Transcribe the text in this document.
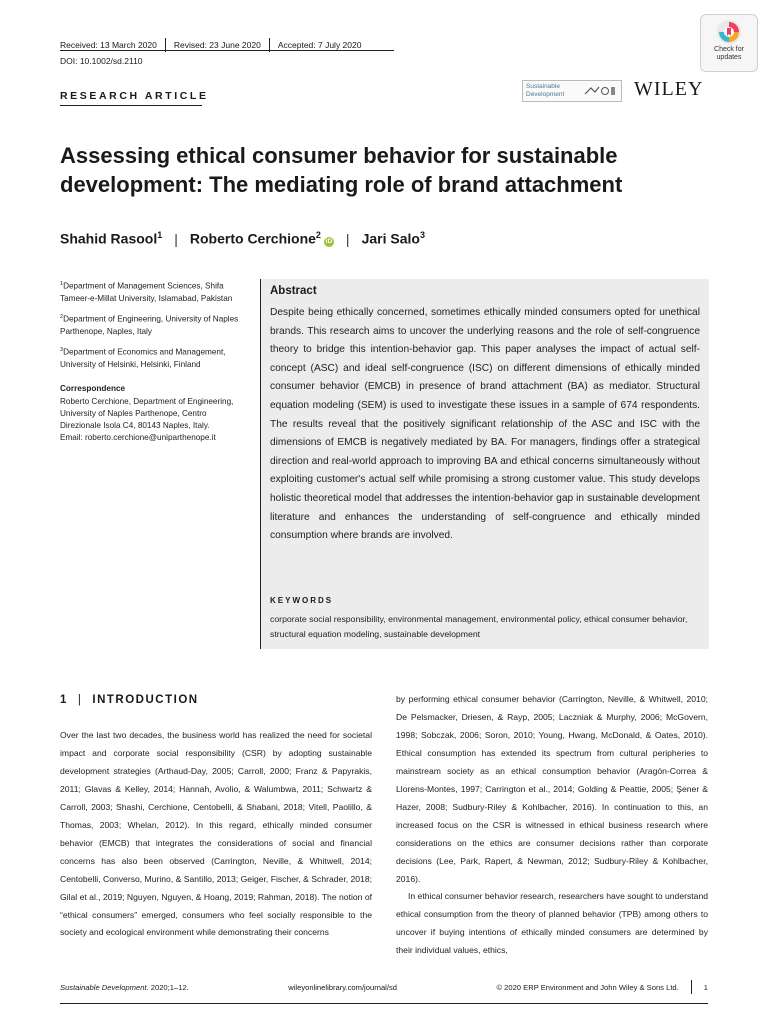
Received: 13 March 2020 Revised: 23 June 2020 Accepted: 7 July 2020
DOI: 10.1002/sd.2110
Check for updates
RESEARCH ARTICLE
Sustainable Development	WILEY
Assessing ethical consumer behavior for sustainable development: The mediating role of brand attachment
Shahid Rasool$^1$ | Roberto Cerchione$^2$iD | Jari Salo$^3$

$^1$Department of Management Sciences, Shifa Tameer-e-Millat University, Islamabad, Pakistan

$^2$Department of Engineering, University of Naples Parthenope, Naples, Italy

$^3$Department of Economics and Management, University of Helsinki, Helsinki, Finland

Correspondence

Roberto Cerchione, Department of Engineering, University of Naples Parthenope, Centro Direzionale Isola C4, 80143 Naples, Italy.

Email: roberto.cerchione@uniparthenope.it

Abstract
Despite being ethically concerned, sometimes ethically minded consumers opted for unethical brands. This research aims to uncover the underlying reasons and the role of self-congruence theory to bridge this intention-behavior gap. This paper analyses the impact of actual self-concept (ASC) and ideal self-congruence (ISC) on different dimensions of ethically minded consumer behavior (EMCB) in presence of brand attachment (BA) as mediator. Structural equation modeling (SEM) is used to investigate these issues in a sample of 674 respondents. The results reveal that the positively significant relationship of the ASC and ISC with the dimensions of EMCB is negatively mediated by BA. For managers, findings offer a strategical direction and real-world approach to improving BA and ethical concerns simultaneously without exploiting customer's actual self while promising a strong customer value. This study develops holistic theoretical model that addresses the intention-behavior gap in sustainable development literature and enhances the understanding of self-congruence and ethically minded consumption where brands are involved.
KEYWORDS
corporate social responsibility, environmental management, environmental policy, ethical consumer behavior, structural equation modeling, sustainable development
1 | INTRODUCTION

Over the last two decades, the business world has realized the need for societal impact and corporate social responsibility (CSR) by adopting sustainable development strategies (Arthaud-Day, 2005; Carroll, 2000; Franz & Papyrakis, 2011; Glavas & Kelley, 2014; Hannah, Avolio, & Walumbwa, 2011; Schwartz & Carroll, 2003; Shashi, Cerchione, Centobelli, & Shabani, 2018; Vitell, Paolillo, & Thomas, 2003; Whelan, 2012). In this regard, ethically minded consumer behavior (EMCB) that integrates the considerations of social and financial concerns has also been observed (Carrington, Neville, & Whitwell, 2014; Centobelli, Converso, Murino, & Santillo, 2013; Geiger, Fischer, & Schrader, 2018; Gilal et al., 2019; Nguyen, Nguyen, & Hoang, 2019; Rahman, 2018). The notion of “ethical consumers” emerged, consumers who feel socially responsible to the society and ecological environment while demonstrating their concerns

by performing ethical consumer behavior (Carrington, Neville, & Whitwell, 2010; De Pelsmacker, Driesen, & Rayp, 2005; Laczniak & Murphy, 2006; McGovern, 1998; Sobczak, 2006; Soron, 2010; Young, Hwang, McDonald, & Oates, 2010). Ethical consumption has extended its spectrum from cultural peripheries to mainstream society as an ethical consumption behavior (Aragón-Correa & Llorens-Montes, 1997; Carrington et al., 2014; Golding & Peattie, 2005; Şener & Hazer, 2008; Sudbury-Riley & Kohlbacher, 2016). In continuation to this, an increased focus on the CSR is witnessed in ethical business research where considerations on the ethics are consumer decisions rather than corporate decisions (Lee, Park, Rapert, & Newman, 2012; Sudbury-Riley & Kohlbacher, 2016).

In ethical consumer behavior research, researchers have sought to understand ethical consumption from the theory of planned behavior (TPB) among others to uncover if buying intentions of ethically minded consumers are determined by their individual values, ethics,

Sustainable Development. 2020;1–12.	wileyonlinelibrary.com/journal/sd	© 2020 ERP Environment and John Wiley & Sons Ltd.	1
